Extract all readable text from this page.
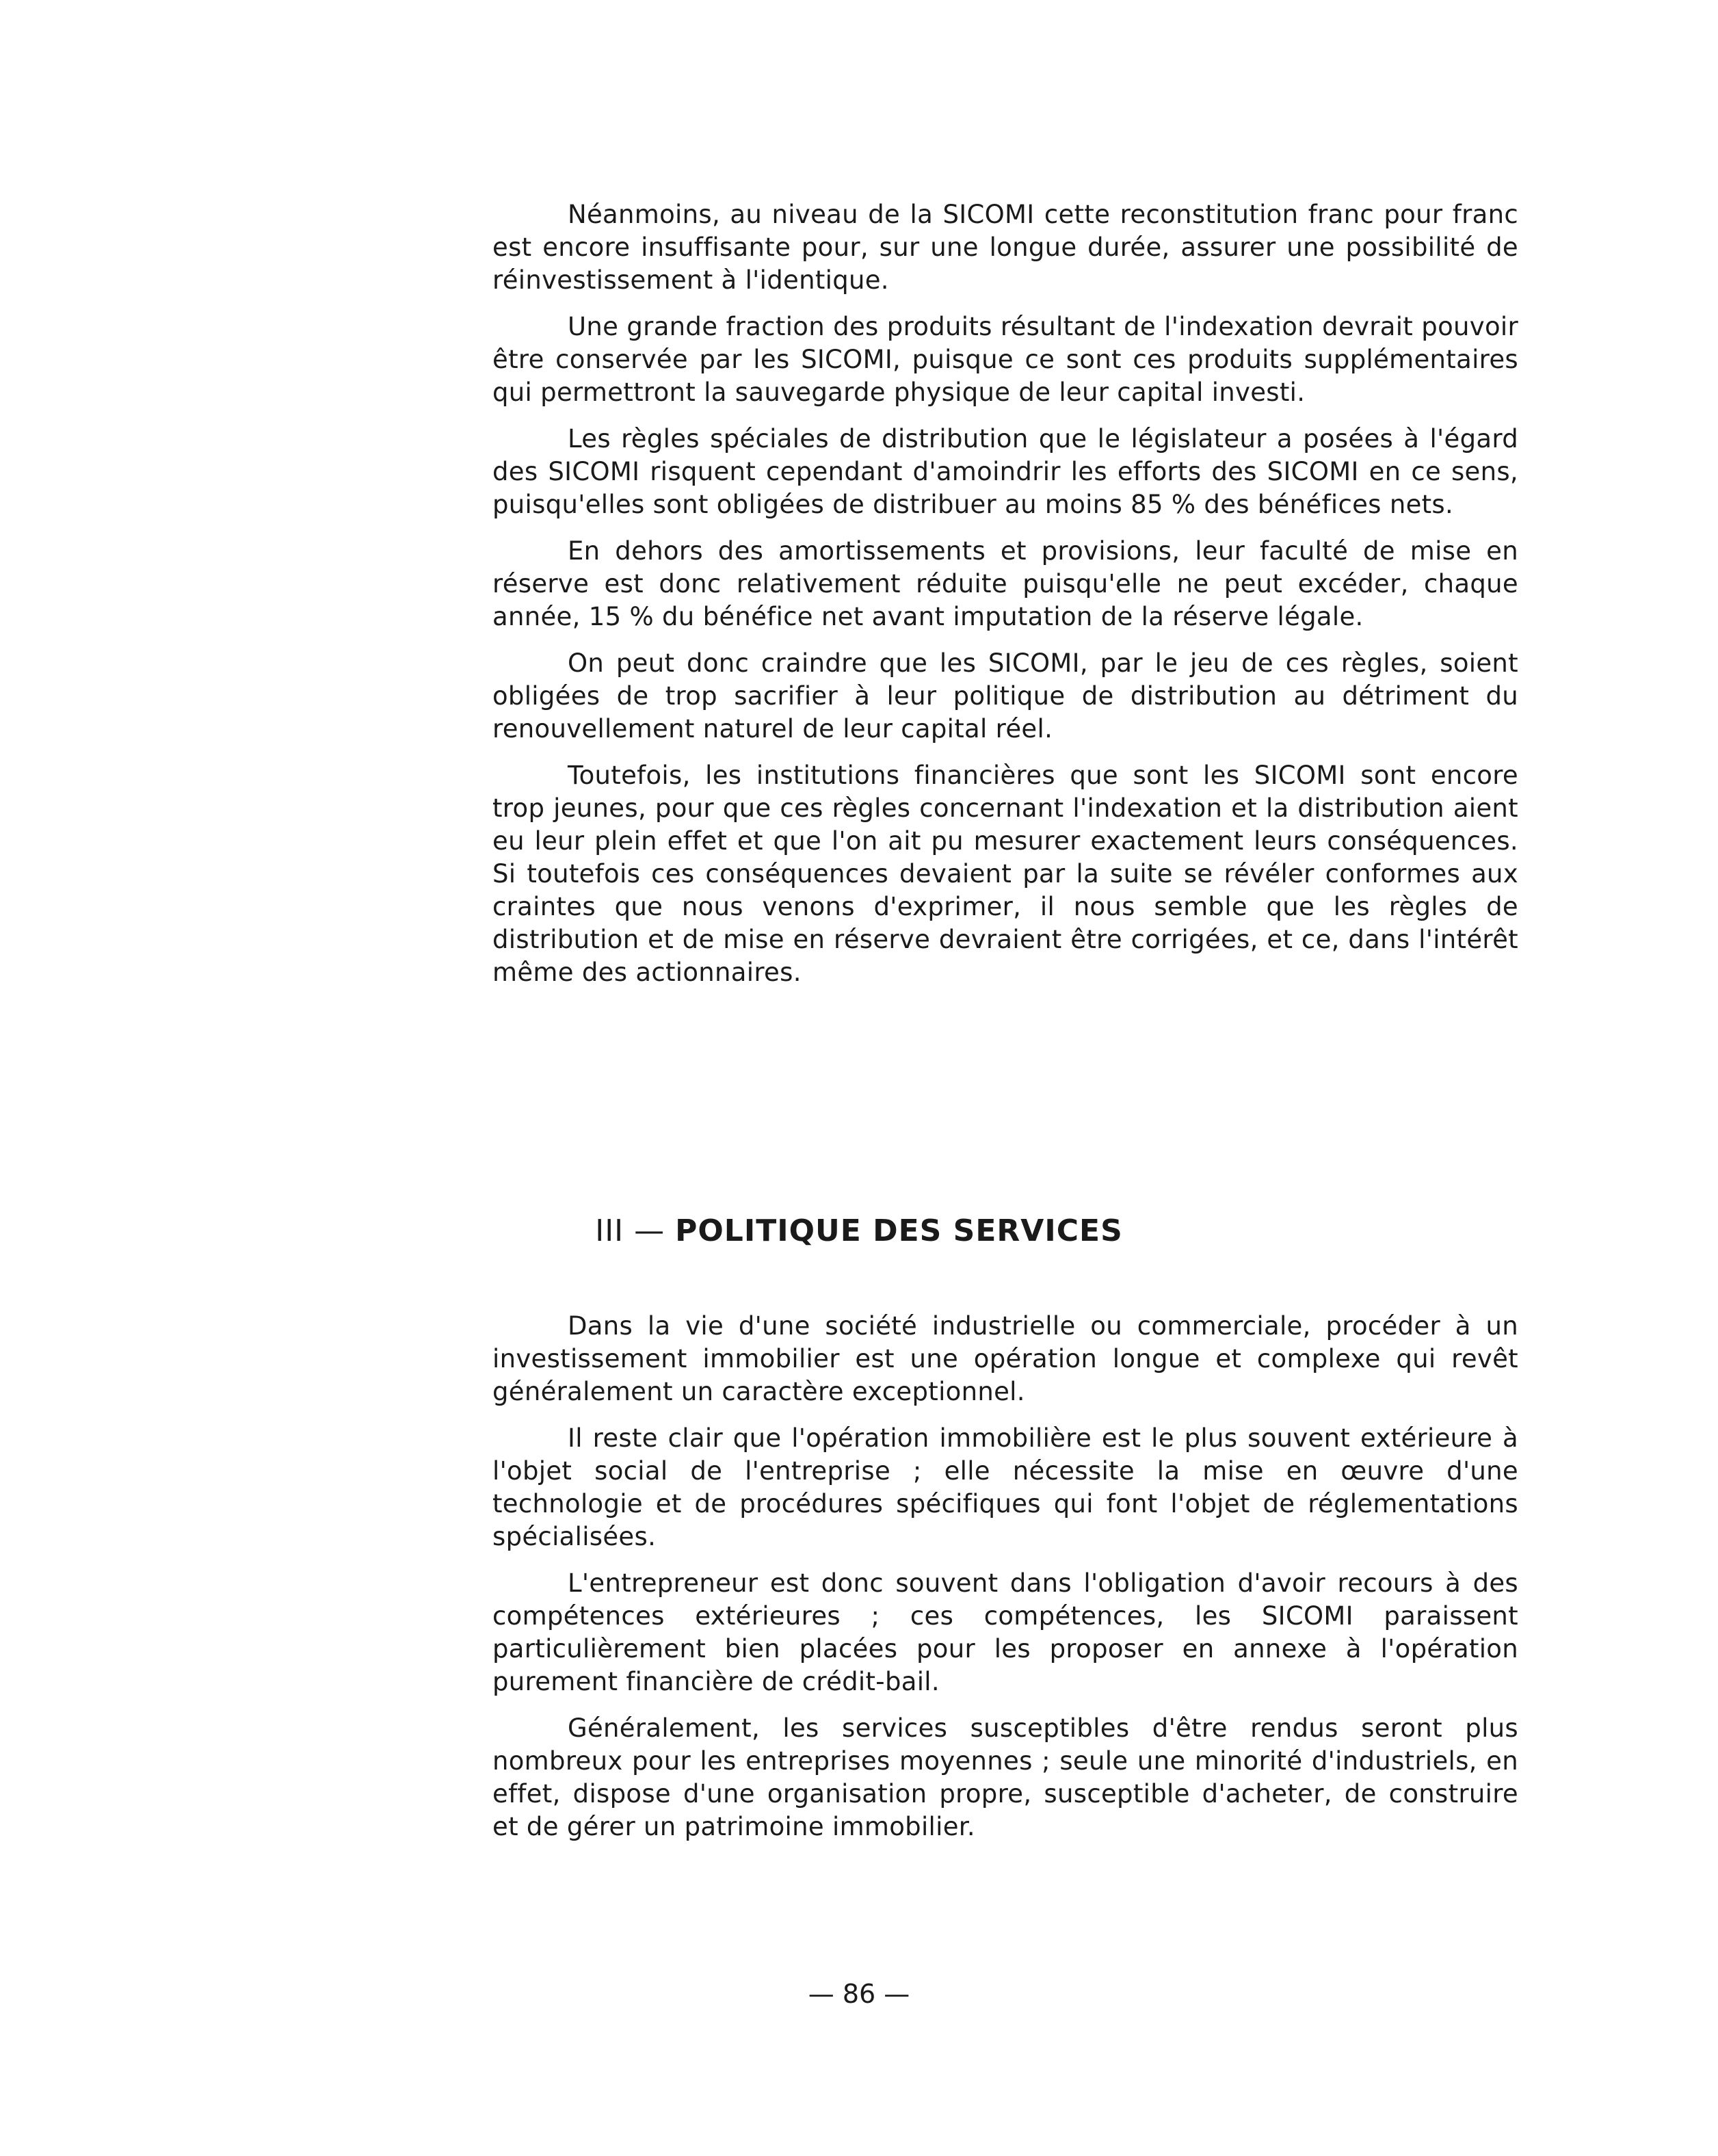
Néanmoins, au niveau de la SICOMI cette reconstitution franc pour franc est encore insuffisante pour, sur une longue durée, assurer une possibilité de réinvestissement à l'identique.

Une grande fraction des produits résultant de l'indexation devrait pouvoir être conservée par les SICOMI, puisque ce sont ces produits supplémentaires qui permettront la sauvegarde physique de leur capital investi.

Les règles spéciales de distribution que le législateur a posées à l'égard des SICOMI risquent cependant d'amoindrir les efforts des SICOMI en ce sens, puisqu'elles sont obligées de distribuer au moins 85 % des bénéfices nets.

En dehors des amortissements et provisions, leur faculté de mise en réserve est donc relativement réduite puisqu'elle ne peut excéder, chaque année, 15 % du bénéfice net avant imputation de la réserve légale.

On peut donc craindre que les SICOMI, par le jeu de ces règles, soient obligées de trop sacrifier à leur politique de distribution au détriment du renouvellement naturel de leur capital réel.

Toutefois, les institutions financières que sont les SICOMI sont encore trop jeunes, pour que ces règles concernant l'indexation et la distribution aient eu leur plein effet et que l'on ait pu mesurer exactement leurs conséquences. Si toutefois ces conséquences devaient par la suite se révéler conformes aux craintes que nous venons d'exprimer, il nous semble que les règles de distribution et de mise en réserve devraient être corrigées, et ce, dans l'intérêt même des actionnaires.

III — POLITIQUE DES SERVICES

Dans la vie d'une société industrielle ou commerciale, procéder à un investissement immobilier est une opération longue et complexe qui revêt généralement un caractère exceptionnel.

Il reste clair que l'opération immobilière est le plus souvent extérieure à l'objet social de l'entreprise ; elle nécessite la mise en œuvre d'une technologie et de procédures spécifiques qui font l'objet de réglementations spécialisées.

L'entrepreneur est donc souvent dans l'obligation d'avoir recours à des compétences extérieures ; ces compétences, les SICOMI paraissent particulièrement bien placées pour les proposer en annexe à l'opération purement financière de crédit-bail.

Généralement, les services susceptibles d'être rendus seront plus nombreux pour les entreprises moyennes ; seule une minorité d'industriels, en effet, dispose d'une organisation propre, susceptible d'acheter, de construire et de gérer un patrimoine immobilier.

— 86 —
